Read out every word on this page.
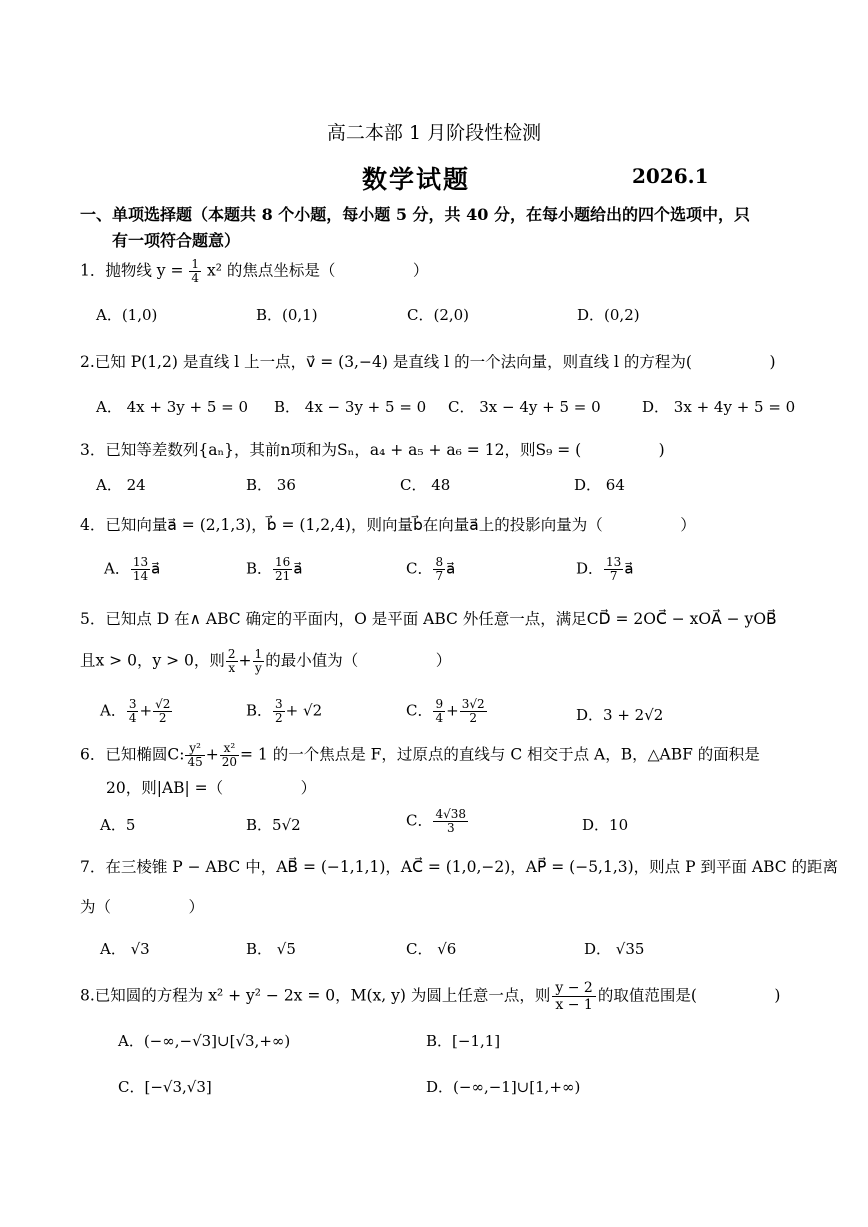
高二本部 1 月阶段性检测
数学试题	2026.1
一、单项选择题（本题共 8 个小题，每小题 5 分，共 40 分，在每小题给出的四个选项中，只
有一项符合题意）
1．抛物线 $y = \frac{1}{4} x^2$ 的焦点坐标是（　　　　　）
A．(1,0)	B．(0,1)	C．(2,0)	D．(0,2)
2.已知 P(1,2) 是直线 l 上一点，v⃗ = (3,−4) 是直线 l 的一个法向量，则直线 l 的方程为(　　　　　)
A． 4x + 3y + 5 = 0 B． 4x − 3y + 5 = 0 C． 3x − 4y + 5 = 0	D． 3x + 4y + 5 = 0
3．已知等差数列{aₙ}，其前n项和为Sₙ，a₄ + a₅ + a₆ = 12，则S₉ = (　　　　　)
A． 24	B． 36	C． 48	D． 64
4．已知向量a⃗ = (2,1,3)，b⃗ = (1,2,4)，则向量b⃗在向量a⃗上的投影向量为（　　　　　）
A． $\frac{13}{14}$ a⃗	B． $\frac{16}{21}$ a⃗	C． $\frac{8}{7}$ a⃗	D． $\frac{13}{7}$ a⃗
5．已知点 D 在∧ ABC 确定的平面内，O 是平面 ABC 外任意一点，满足CD⃗ = 2OC⃗ − xOA⃗ − yOB⃗
且x > 0，y > 0，则 $\frac{2}{x} + \frac{1}{y}$ 的最小值为（　　　　　）
A． $\frac{3}{4} + \frac{√2}{2}$	B． $\frac{3}{2} + √2$	C． $\frac{9}{4} + \frac{3√2}{2}$	D．3 + 2√2
6．已知椭圆C: $\frac{\text{y²}}{45} + \frac{\text{x²}}{20} = 1$ 的一个焦点是 F，过原点的直线与 C 相交于点 A，B，△ABF 的面积是
20，则|AB| =（　　　　　）
A．5	B．5√2	C． $\frac{4√38}{3}$	D．10
7．在三棱锥 P − ABC 中，AB⃗ = (−1,1,1)，AC⃗ = (1,0,−2)，AP⃗ = (−5,1,3)，则点 P 到平面 ABC 的距离
为（　　　　　）
A． √3	B． √5	C． √6	D． √35
8.已知圆的方程为 x² + y² − 2x = 0，M(x, y) 为圆上任意一点，则 $\frac{y - 2}{x - 1}$ 的取值范围是(　　　　　)
A．(−∞,−√3]∪[√3,+∞)	B．[−1,1]
C．[−√3,√3]	D．(−∞,−1]∪[1,+∞)
